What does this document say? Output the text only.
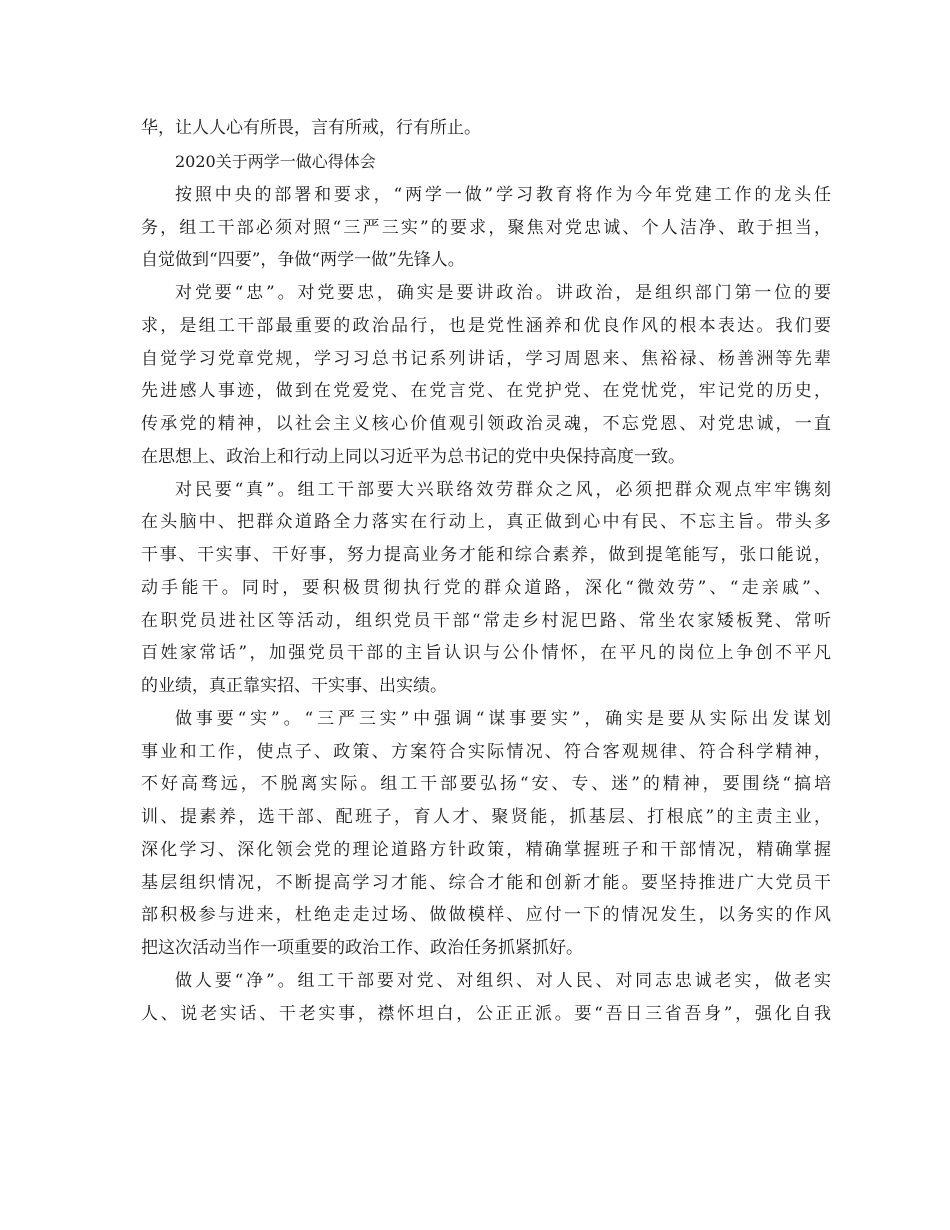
华，让人人心有所畏，言有所戒，行有所止。
2020关于两学一做心得体会
按照中央的部署和要求，“两学一做”学习教育将作为今年党建工作的龙头任
务，组工干部必须对照“三严三实”的要求，聚焦对党忠诚、个人洁净、敢于担当，
自觉做到“四要”，争做“两学一做”先锋人。
对党要“忠”。对党要忠，确实是要讲政治。讲政治，是组织部门第一位的要
求，是组工干部最重要的政治品行，也是党性涵养和优良作风的根本表达。我们要
自觉学习党章党规，学习习总书记系列讲话，学习周恩来、焦裕禄、杨善洲等先辈
先进感人事迹，做到在党爱党、在党言党、在党护党、在党忧党，牢记党的历史，
传承党的精神，以社会主义核心价值观引领政治灵魂，不忘党恩、对党忠诚，一直
在思想上、政治上和行动上同以习近平为总书记的党中央保持高度一致。
对民要“真”。组工干部要大兴联络效劳群众之风，必须把群众观点牢牢镌刻
在头脑中、把群众道路全力落实在行动上，真正做到心中有民、不忘主旨。带头多
干事、干实事、干好事，努力提高业务才能和综合素养，做到提笔能写，张口能说，
动手能干。同时，要积极贯彻执行党的群众道路，深化“微效劳”、“走亲戚”、
在职党员进社区等活动，组织党员干部“常走乡村泥巴路、常坐农家矮板凳、常听
百姓家常话”，加强党员干部的主旨认识与公仆情怀，在平凡的岗位上争创不平凡
的业绩，真正靠实招、干实事、出实绩。
做事要“实”。“三严三实”中强调“谋事要实”，确实是要从实际出发谋划
事业和工作，使点子、政策、方案符合实际情况、符合客观规律、符合科学精神，
不好高骛远，不脱离实际。组工干部要弘扬“安、专、迷”的精神，要围绕“搞培
训、提素养，选干部、配班子，育人才、聚贤能，抓基层、打根底”的主责主业，
深化学习、深化领会党的理论道路方针政策，精确掌握班子和干部情况，精确掌握
基层组织情况，不断提高学习才能、综合才能和创新才能。要坚持推进广大党员干
部积极参与进来，杜绝走走过场、做做模样、应付一下的情况发生，以务实的作风
把这次活动当作一项重要的政治工作、政治任务抓紧抓好。
做人要“净”。组工干部要对党、对组织、对人民、对同志忠诚老实，做老实
人、说老实话、干老实事，襟怀坦白，公正正派。要“吾日三省吾身”，强化自我
